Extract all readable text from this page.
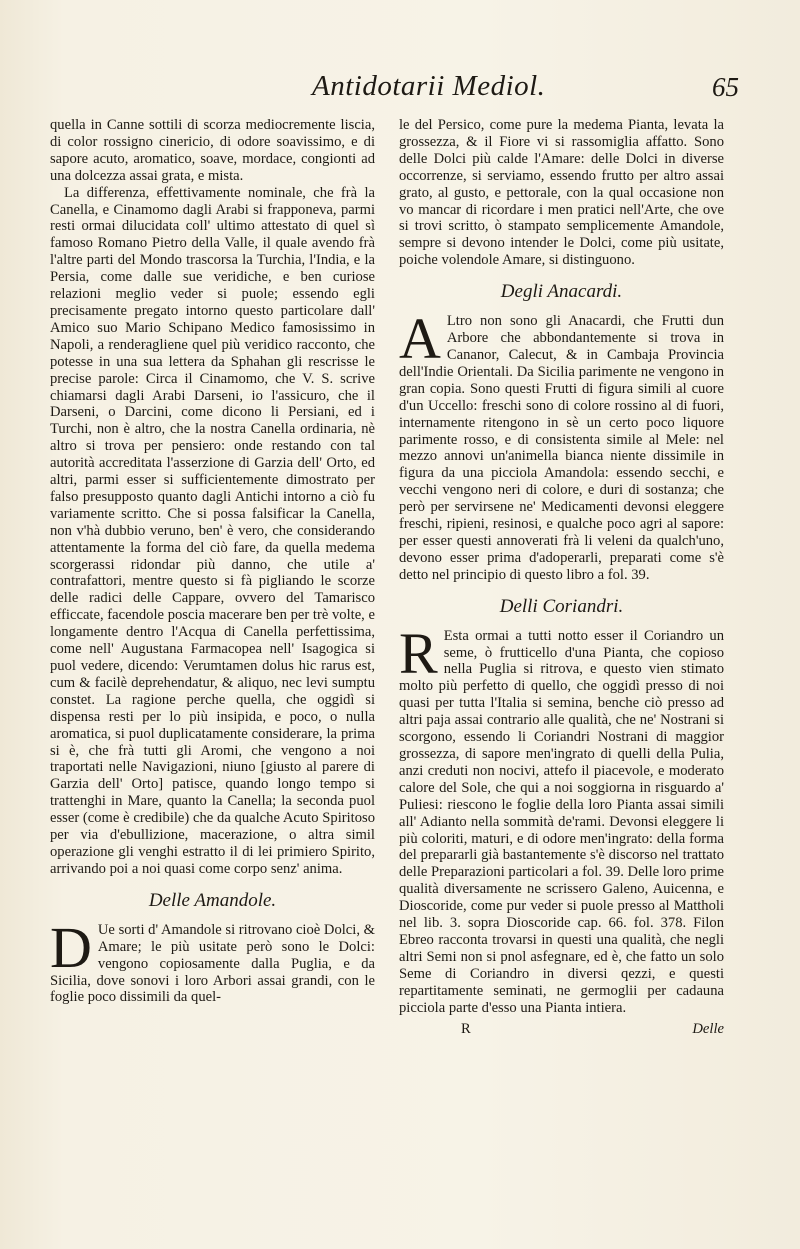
Antidotarii Mediol.	65

quella in Canne sottili di scorza mediocremente liscia, di color rossigno cinericio, di odore soavissimo, e di sapore acuto, aromatico, soave, mordace, congionti ad una dolcezza assai grata, e mista.

La differenza, effettivamente nominale, che frà la Canella, e Cinamomo dagli Arabi si frapponeva, parmi resti ormai dilucidata coll' ultimo attestato di quel sì famoso Romano Pietro della Valle, il quale avendo frà l'altre parti del Mondo trascorsa la Turchia, l'India, e la Persia, come dalle sue veridiche, e ben curiose relazioni meglio veder si puole; essendo egli precisamente pregato intorno questo particolare dall' Amico suo Mario Schipano Medico famosissimo in Napoli, a renderagliene quel più veridico racconto, che potesse in una sua lettera da Sphahan gli rescrisse le precise parole: Circa il Cinamomo, che V. S. scrive chiamarsi dagli Arabi Darseni, io l'assicuro, che il Darseni, o Darcini, come dicono li Persiani, ed i Turchi, non è altro, che la nostra Canella ordinaria, nè altro si trova per pensiero: onde restando con tal autorità accreditata l'asserzione di Garzia dell' Orto, ed altri, parmi esser si sufficientemente dimostrato per falso presupposto quanto dagli Antichi intorno a ciò fu variamente scritto. Che si possa falsificar la Canella, non v'hà dubbio veruno, ben' è vero, che considerando attentamente la forma del ciò fare, da quella medema scorgerassi ridondar più danno, che utile a' contrafattori, mentre questo si fà pigliando le scorze delle radici delle Cappare, ovvero del Tamarisco efficcate, facendole poscia macerare ben per trè volte, e longamente dentro l'Acqua di Canella perfettissima, come nell' Augustana Farmacopea nell' Isagogica si puol vedere, dicendo: Verumtamen dolus hic rarus est, cum & facilè deprehendatur, & aliquo, nec levi sumptu constet. La ragione perche quella, che oggidì si dispensa resti per lo più insipida, e poco, o nulla aromatica, si puol duplicatamente considerare, la prima si è, che frà tutti gli Aromi, che vengono a noi traportati nelle Navigazioni, niuno [giusto al parere di Garzia dell' Orto] patisce, quando longo tempo si trattenghi in Mare, quanto la Canella; la seconda puol esser (come è credibile) che da qualche Acuto Spiritoso per via d'ebullizione, macerazione, o altra simil operazione gli venghi estratto il di lei primiero Spirito, arrivando poi a noi quasi come corpo senz' anima.

Delle Amandole.

DUe sorti d' Amandole si ritrovano cioè Dolci, & Amare; le più usitate però sono le Dolci: vengono copiosamente dalla Puglia, e da Sicilia, dove sonovi i loro Arbori assai grandi, con le foglie poco dissimili da quel-

le del Persico, come pure la medema Pianta, levata la grossezza, & il Fiore vi si rassomiglia affatto. Sono delle Dolci più calde l'Amare: delle Dolci in diverse occorrenze, si serviamo, essendo frutto per altro assai grato, al gusto, e pettorale, con la qual occasione non vo mancar di ricordare i men pratici nell'Arte, che ove si trovi scritto, ò stampato semplicemente Amandole, sempre si devono intender le Dolci, come più usitate, poiche volendole Amare, si distinguono.

Degli Anacardi.

ALtro non sono gli Anacardi, che Frutti dun Arbore che abbondantemente si trova in Cananor, Calecut, & in Cambaja Provincia dell'Indie Orientali. Da Sicilia parimente ne vengono in gran copia. Sono questi Frutti di figura simili al cuore d'un Uccello: freschi sono di colore rossino al di fuori, internamente ritengono in sè un certo poco liquore parimente rosso, e di consistenta simile al Mele: nel mezzo annovi un'animella bianca niente dissimile in figura da una picciola Amandola: essendo secchi, e vecchi vengono neri di colore, e duri di sostanza; che però per servirsene ne' Medicamenti devonsi eleggere freschi, ripieni, resinosi, e qualche poco agri al sapore: per esser questi annoverati frà li veleni da qualch'uno, devono esser prima d'adoperarli, preparati come s'è detto nel principio di questo libro a fol. 39.

Delli Coriandri.

REsta ormai a tutti notto esser il Coriandro un seme, ò frutticello d'una Pianta, che copioso nella Puglia si ritrova, e questo vien stimato molto più perfetto di quello, che oggidì presso di noi quasi per tutta l'Italia si semina, benche ciò presso ad altri paja assai contrario alle qualità, che ne' Nostrani si scorgono, essendo li Coriandri Nostrani di maggior grossezza, di sapore men'ingrato di quelli della Pulia, anzi creduti non nocivi, attefo il piacevole, e moderato calore del Sole, che qui a noi soggiorna in risguardo a' Puliesi: riescono le foglie della loro Pianta assai simili all' Adianto nella sommità de'rami. Devonsi eleggere li più coloriti, maturi, e di odore men'ingrato: della forma del prepararli già bastantemente s'è discorso nel trattato delle Preparazioni particolari a fol. 39. Delle loro prime qualità diversamente ne scrissero Galeno, Auicenna, e Dioscoride, come pur veder si puole presso al Mattholi nel lib. 3. sopra Dioscoride cap. 66. fol. 378. Filon Ebreo racconta trovarsi in questi una qualità, che negli altri Semi non si pnol asfegnare, ed è, che fatto un solo Seme di Coriandro in diversi qezzi, e questi repartitamente seminati, ne germoglii per cadauna picciola parte d'esso una Pianta intiera.

R	Delle
